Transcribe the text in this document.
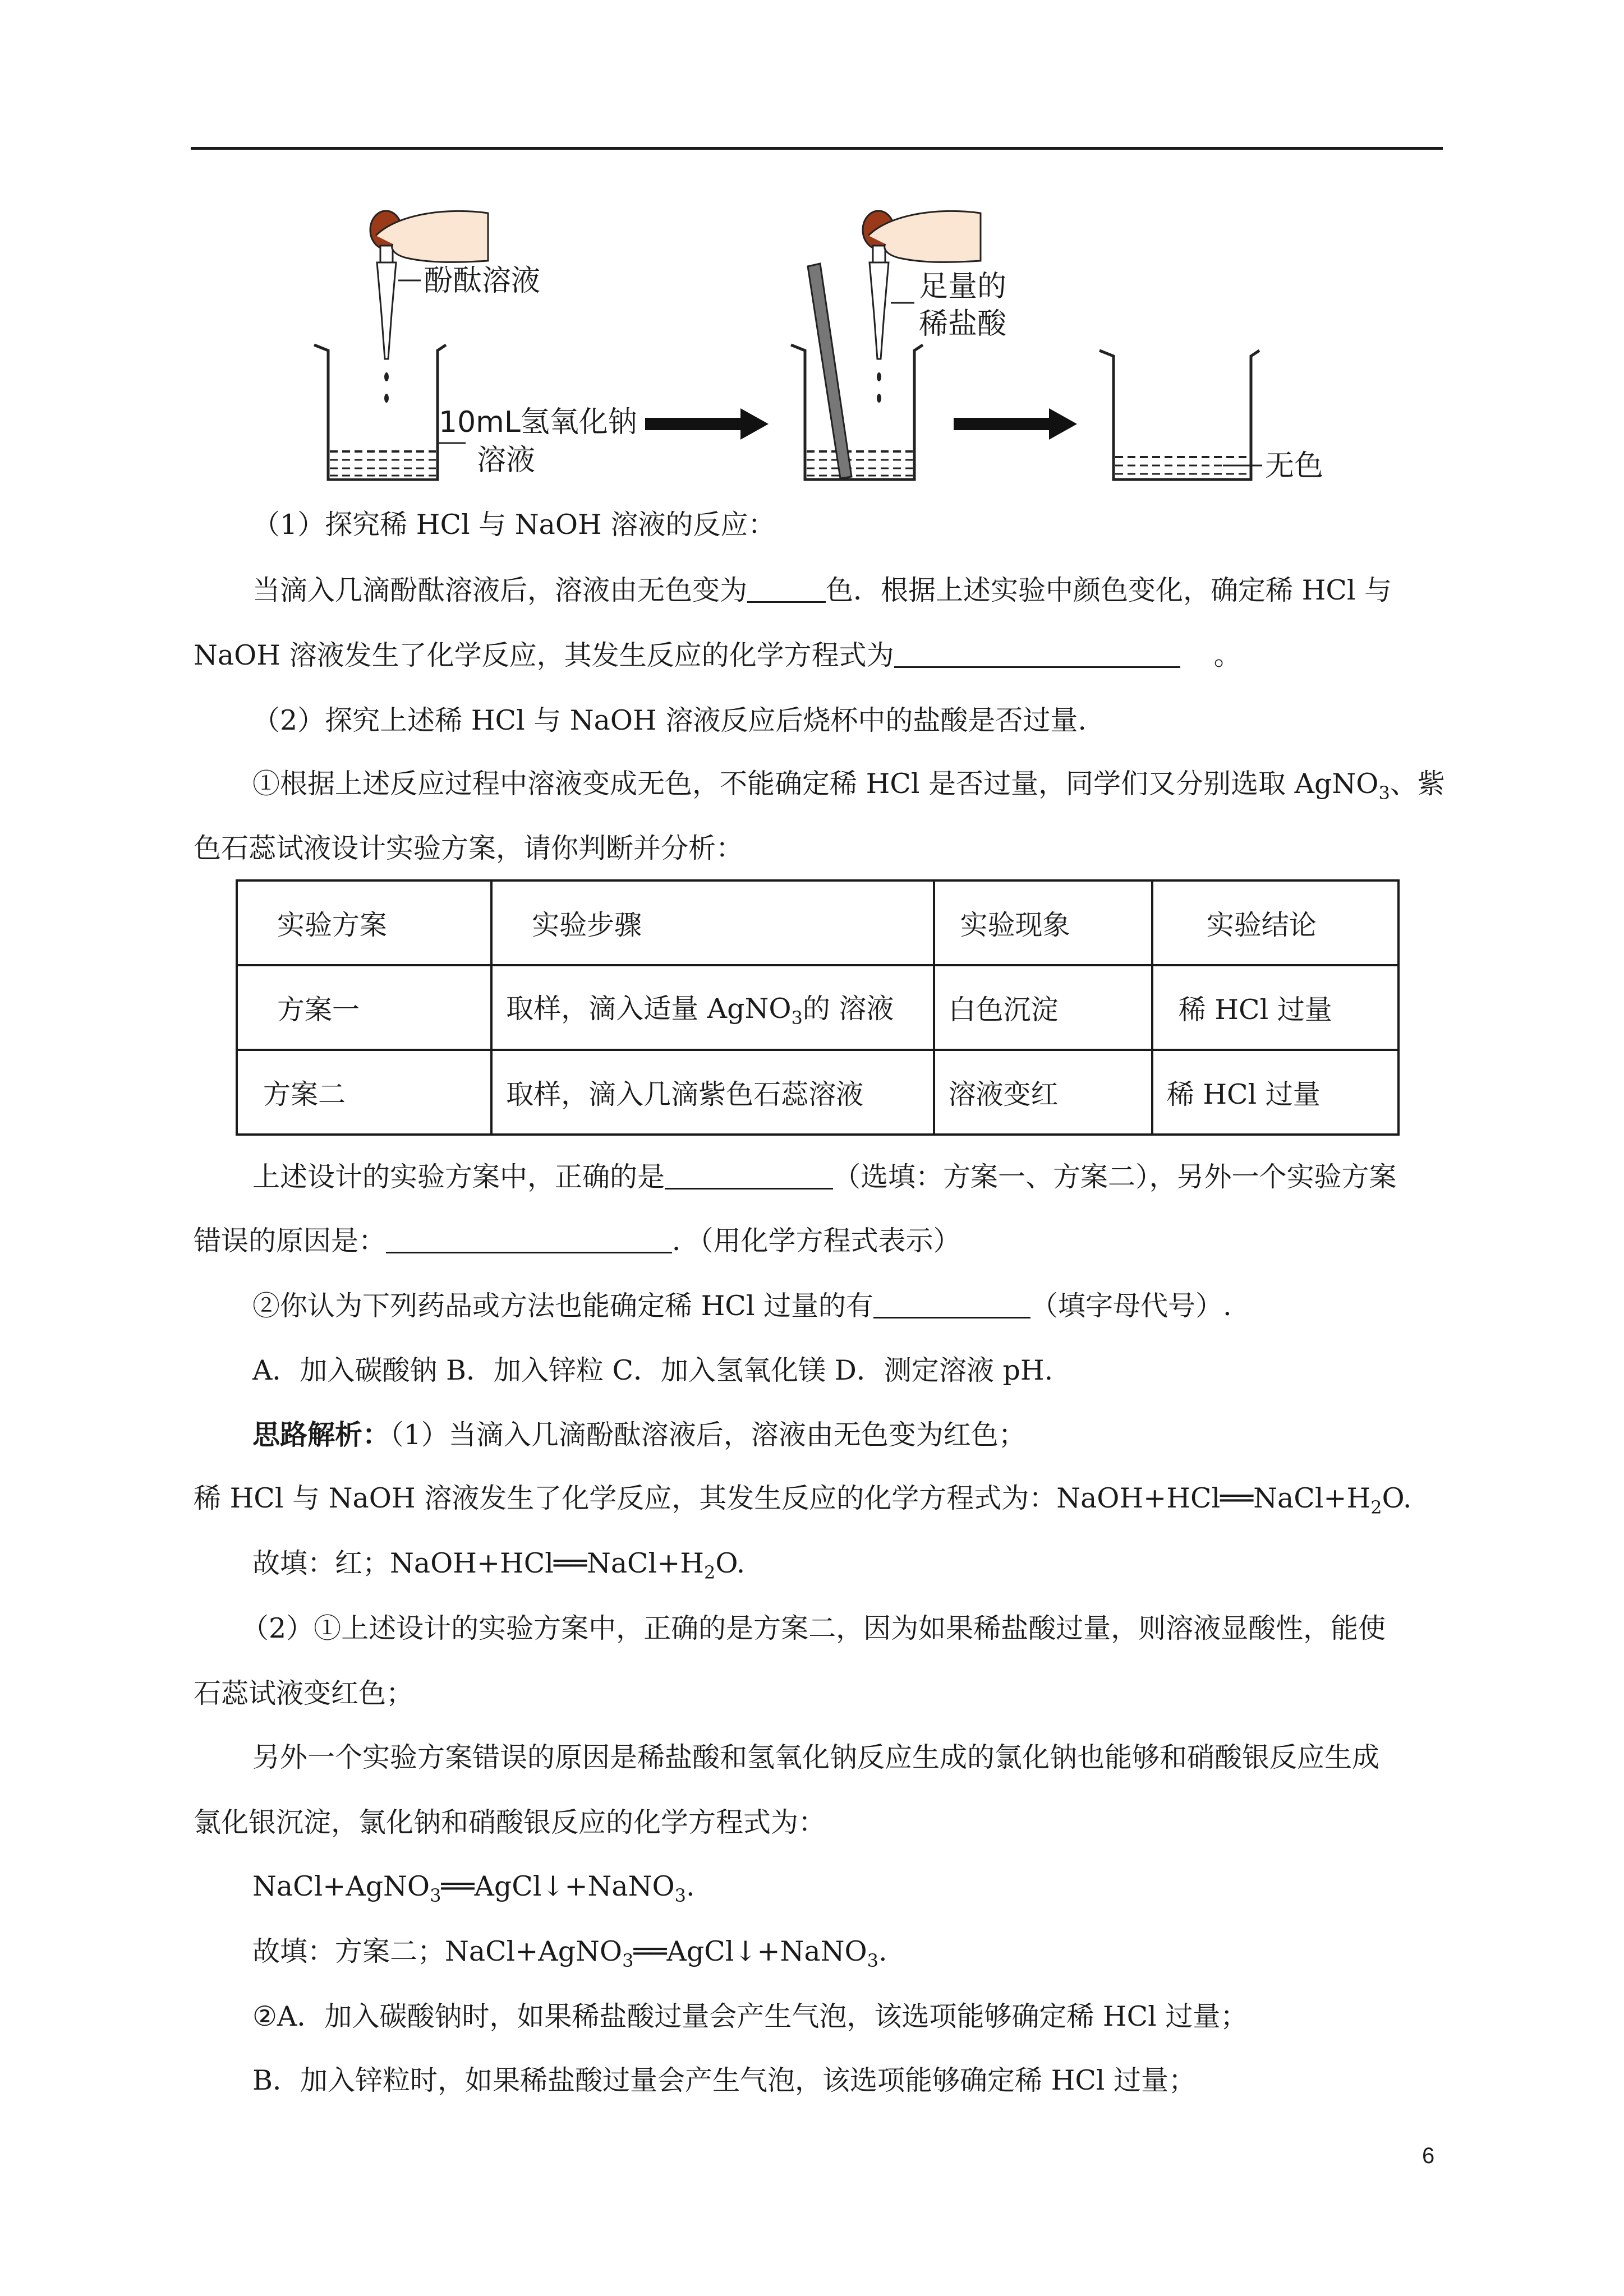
酚酞溶液
10mL氢氧化钠
溶液
足量的
稀盐酸
无色
（1）探究稀 HCl 与 NaOH 溶液的反应：
当滴入几滴酚酞溶液后，溶液由无色变为	色．根据上述实验中颜色变化，确定稀 HCl 与
NaOH 溶液发生了化学反应，其发生反应的化学方程式为	。
（2）探究上述稀 HCl 与 NaOH 溶液反应后烧杯中的盐酸是否过量.
①根据上述反应过程中溶液变成无色，不能确定稀 HCl 是否过量，同学们又分别选取 AgNO$_3$、紫
色石蕊试液设计实验方案，请你判断并分析：
实验方案	实验步骤	实验现象	实验结论
方案一	取样，滴入适量 AgNO$_3$的 溶液	白色沉淀	稀 HCl 过量
方案二	取样，滴入几滴紫色石蕊溶液	溶液变红	稀 HCl 过量
上述设计的实验方案中，正确的是	（选填：方案一、方案二），另外一个实验方案
错误的原因是：	．（用化学方程式表示）
②你认为下列药品或方法也能确定稀 HCl 过量的有	（填字母代号）.
A．加入碳酸钠 B．加入锌粒 C．加入氢氧化镁 D．测定溶液 pH.
思路解析：（1）当滴入几滴酚酞溶液后，溶液由无色变为红色；
稀 HCl 与 NaOH 溶液发生了化学反应，其发生反应的化学方程式为：$NaOH+HCl══NaCl+H_2O$.
故填：红；$NaOH+HCl══NaCl+H_2O$.
（2）①上述设计的实验方案中，正确的是方案二，因为如果稀盐酸过量，则溶液显酸性，能使
石蕊试液变红色；
另外一个实验方案错误的原因是稀盐酸和氢氧化钠反应生成的氯化钠也能够和硝酸银反应生成
氯化银沉淀，氯化钠和硝酸银反应的化学方程式为：
NaCl+AgNO$_3$══AgCl↓+NaNO$_3$.
故填：方案二；NaCl+AgNO$_3$══AgCl↓+NaNO$_3$.
②A．加入碳酸钠时，如果稀盐酸过量会产生气泡，该选项能够确定稀 HCl 过量；
B．加入锌粒时，如果稀盐酸过量会产生气泡，该选项能够确定稀 HCl 过量；
6
